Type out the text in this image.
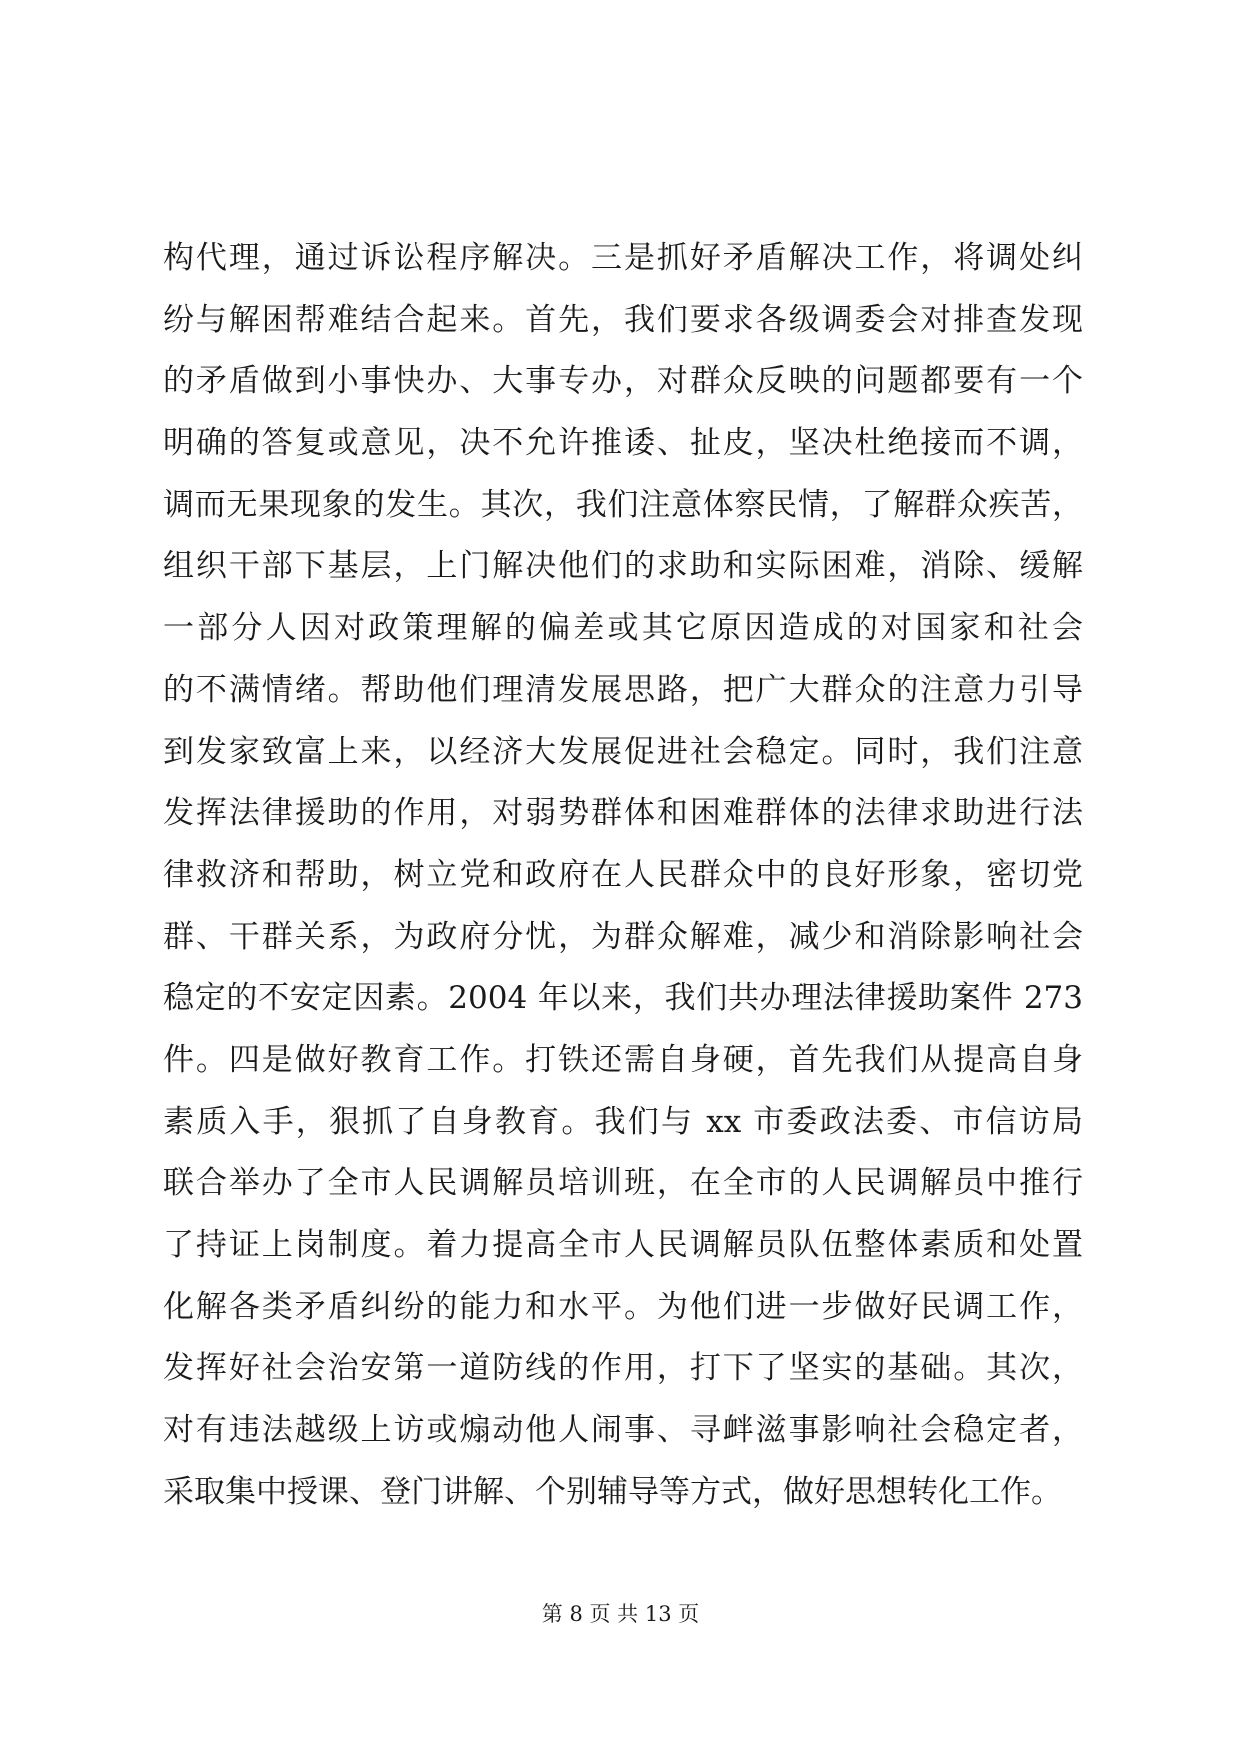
构代理，通过诉讼程序解决。三是抓好矛盾解决工作，将调处纠
纷与解困帮难结合起来。首先，我们要求各级调委会对排查发现
的矛盾做到小事快办、大事专办，对群众反映的问题都要有一个
明确的答复或意见，决不允许推诿、扯皮，坚决杜绝接而不调，
调而无果现象的发生。其次，我们注意体察民情，了解群众疾苦，
组织干部下基层，上门解决他们的求助和实际困难，消除、缓解
一部分人因对政策理解的偏差或其它原因造成的对国家和社会
的不满情绪。帮助他们理清发展思路，把广大群众的注意力引导
到发家致富上来，以经济大发展促进社会稳定。同时，我们注意
发挥法律援助的作用，对弱势群体和困难群体的法律求助进行法
律救济和帮助，树立党和政府在人民群众中的良好形象，密切党
群、干群关系，为政府分忧，为群众解难，减少和消除影响社会
稳定的不安定因素。2004 年以来，我们共办理法律援助案件 273
件。四是做好教育工作。打铁还需自身硬，首先我们从提高自身
素质入手，狠抓了自身教育。我们与 xx 市委政法委、市信访局
联合举办了全市人民调解员培训班，在全市的人民调解员中推行
了持证上岗制度。着力提高全市人民调解员队伍整体素质和处置
化解各类矛盾纠纷的能力和水平。为他们进一步做好民调工作，
发挥好社会治安第一道防线的作用，打下了坚实的基础。其次，
对有违法越级上访或煽动他人闹事、寻衅滋事影响社会稳定者，
采取集中授课、登门讲解、个别辅导等方式，做好思想转化工作。
第 8 页 共 13 页
